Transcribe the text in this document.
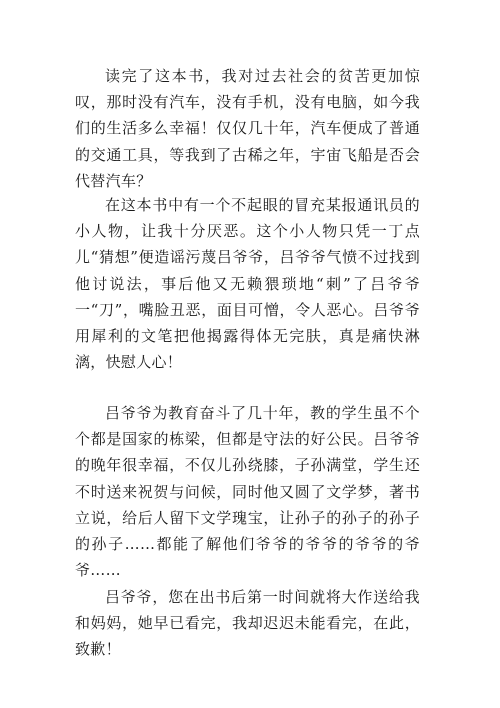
读完了这本书，我对过去社会的贫苦更加惊叹，那时没有汽车，没有手机，没有电脑，如今我们的生活多么幸福！仅仅几十年，汽车便成了普通的交通工具，等我到了古稀之年，宇宙飞船是否会代替汽车？

在这本书中有一个不起眼的冒充某报通讯员的小人物，让我十分厌恶。这个小人物只凭一丁点儿“猜想”便造谣污蔑吕爷爷，吕爷爷气愤不过找到他讨说法，事后他又无赖猥琐地“刺”了吕爷爷一“刀”，嘴脸丑恶，面目可憎，令人恶心。吕爷爷用犀利的文笔把他揭露得体无完肤，真是痛快淋漓，快慰人心！

吕爷爷为教育奋斗了几十年，教的学生虽不个个都是国家的栋梁，但都是守法的好公民。吕爷爷的晚年很幸福，不仅儿孙绕膝，子孙满堂，学生还不时送来祝贺与问候，同时他又圆了文学梦，著书立说，给后人留下文学瑰宝，让孙子的孙子的孙子的孙子……都能了解他们爷爷的爷爷的爷爷的爷爷……

吕爷爷，您在出书后第一时间就将大作送给我和妈妈，她早已看完，我却迟迟未能看完，在此，致歉！
